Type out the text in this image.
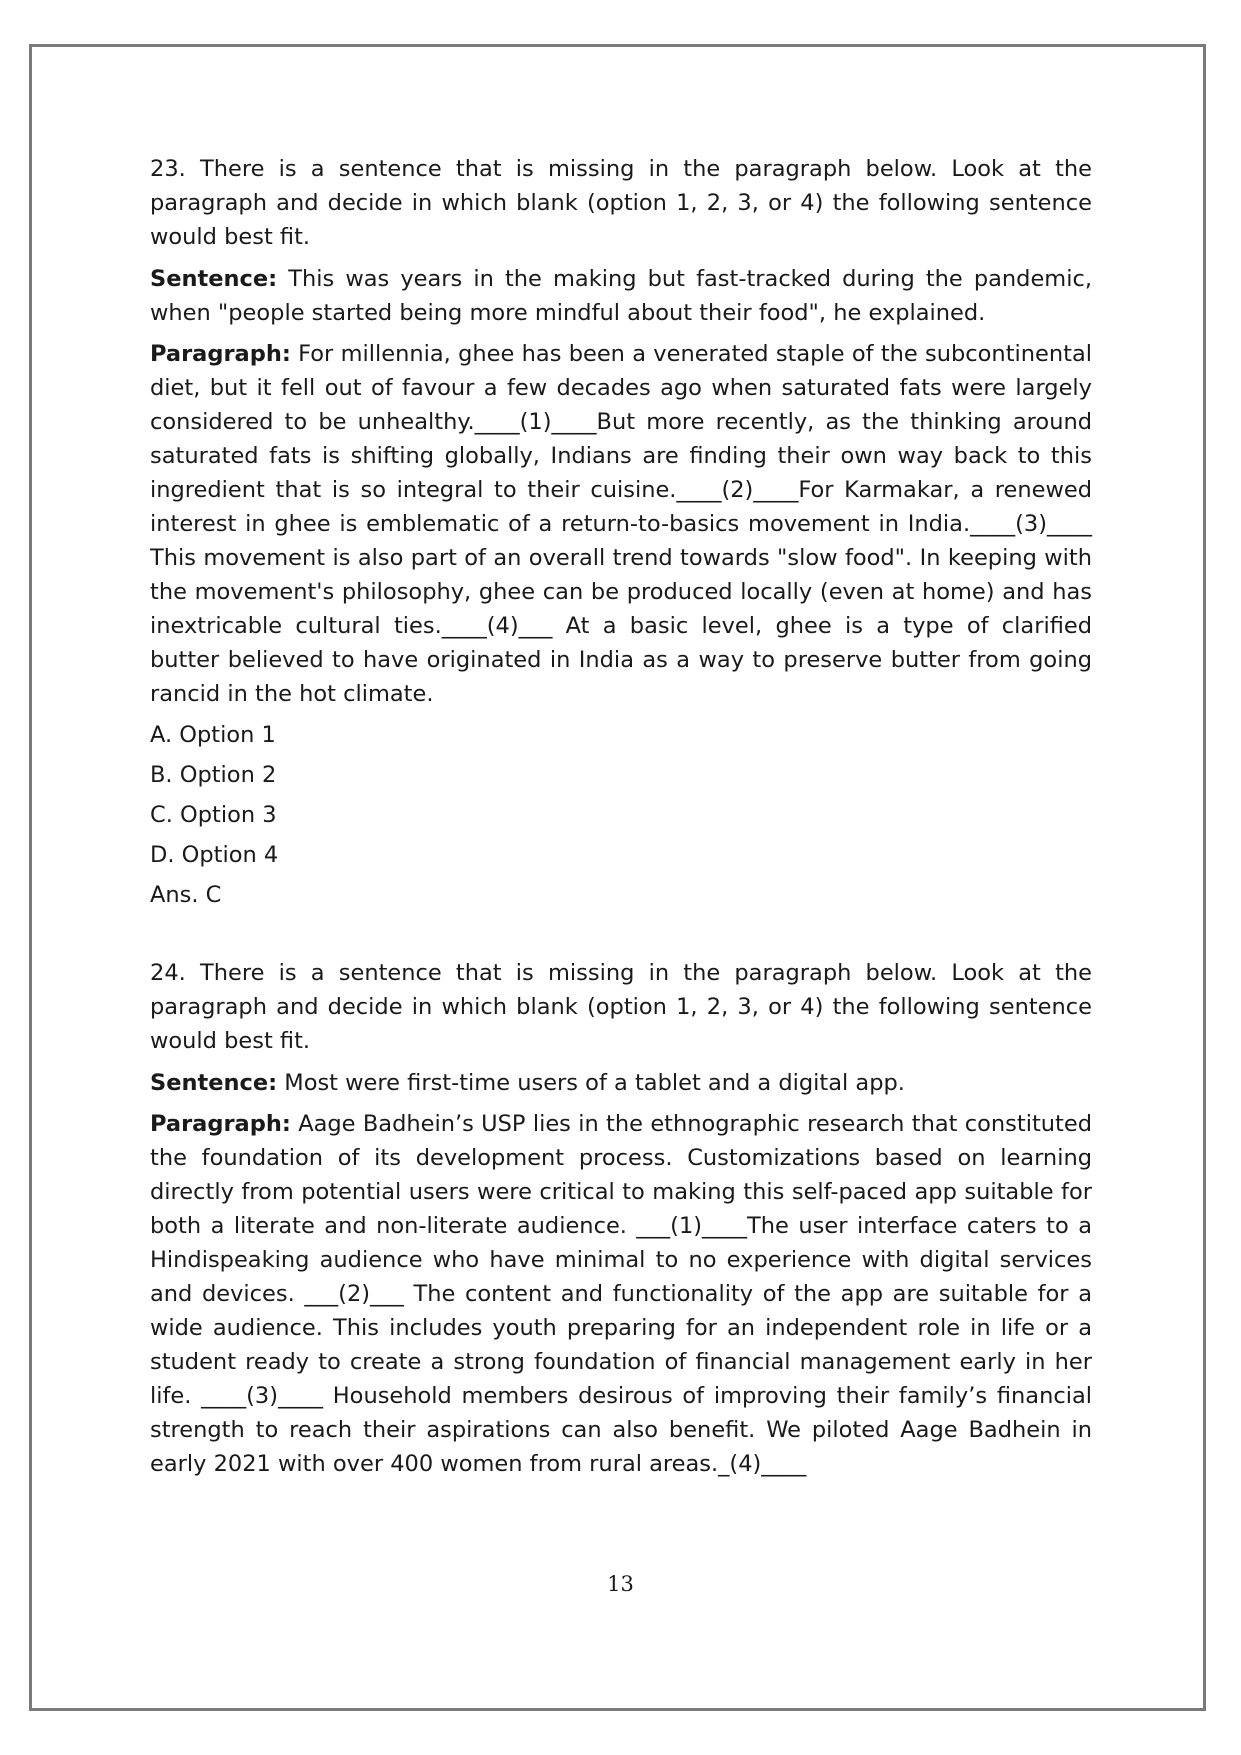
23. There is a sentence that is missing in the paragraph below. Look at the paragraph and decide in which blank (option 1, 2, 3, or 4) the following sentence would best fit.

Sentence: This was years in the making but fast-tracked during the pandemic, when "people started being more mindful about their food", he explained.

Paragraph: For millennia, ghee has been a venerated staple of the subcontinental diet, but it fell out of favour a few decades ago when saturated fats were largely considered to be unhealthy.____(1)____But more recently, as the thinking around saturated fats is shifting globally, Indians are finding their own way back to this ingredient that is so integral to their cuisine.____(2)____For Karmakar, a renewed interest in ghee is emblematic of a return-to-basics movement in India.____(3)____ This movement is also part of an overall trend towards "slow food". In keeping with the movement's philosophy, ghee can be produced locally (even at home) and has inextricable cultural ties.____(4)___ At a basic level, ghee is a type of clarified butter believed to have originated in India as a way to preserve butter from going rancid in the hot climate.

A. Option 1

B. Option 2

C. Option 3

D. Option 4

Ans. C

24. There is a sentence that is missing in the paragraph below. Look at the paragraph and decide in which blank (option 1, 2, 3, or 4) the following sentence would best fit.

Sentence: Most were first-time users of a tablet and a digital app.

Paragraph: Aage Badhein’s USP lies in the ethnographic research that constituted the foundation of its development process. Customizations based on learning directly from potential users were critical to making this self-paced app suitable for both a literate and non-literate audience. ___(1)____The user interface caters to a Hindispeaking audience who have minimal to no experience with digital services and devices. ___(2)___ The content and functionality of the app are suitable for a wide audience. This includes youth preparing for an independent role in life or a student ready to create a strong foundation of financial management early in her life. ____(3)____ Household members desirous of improving their family’s financial strength to reach their aspirations can also benefit. We piloted Aage Badhein in early 2021 with over 400 women from rural areas._(4)____

13
